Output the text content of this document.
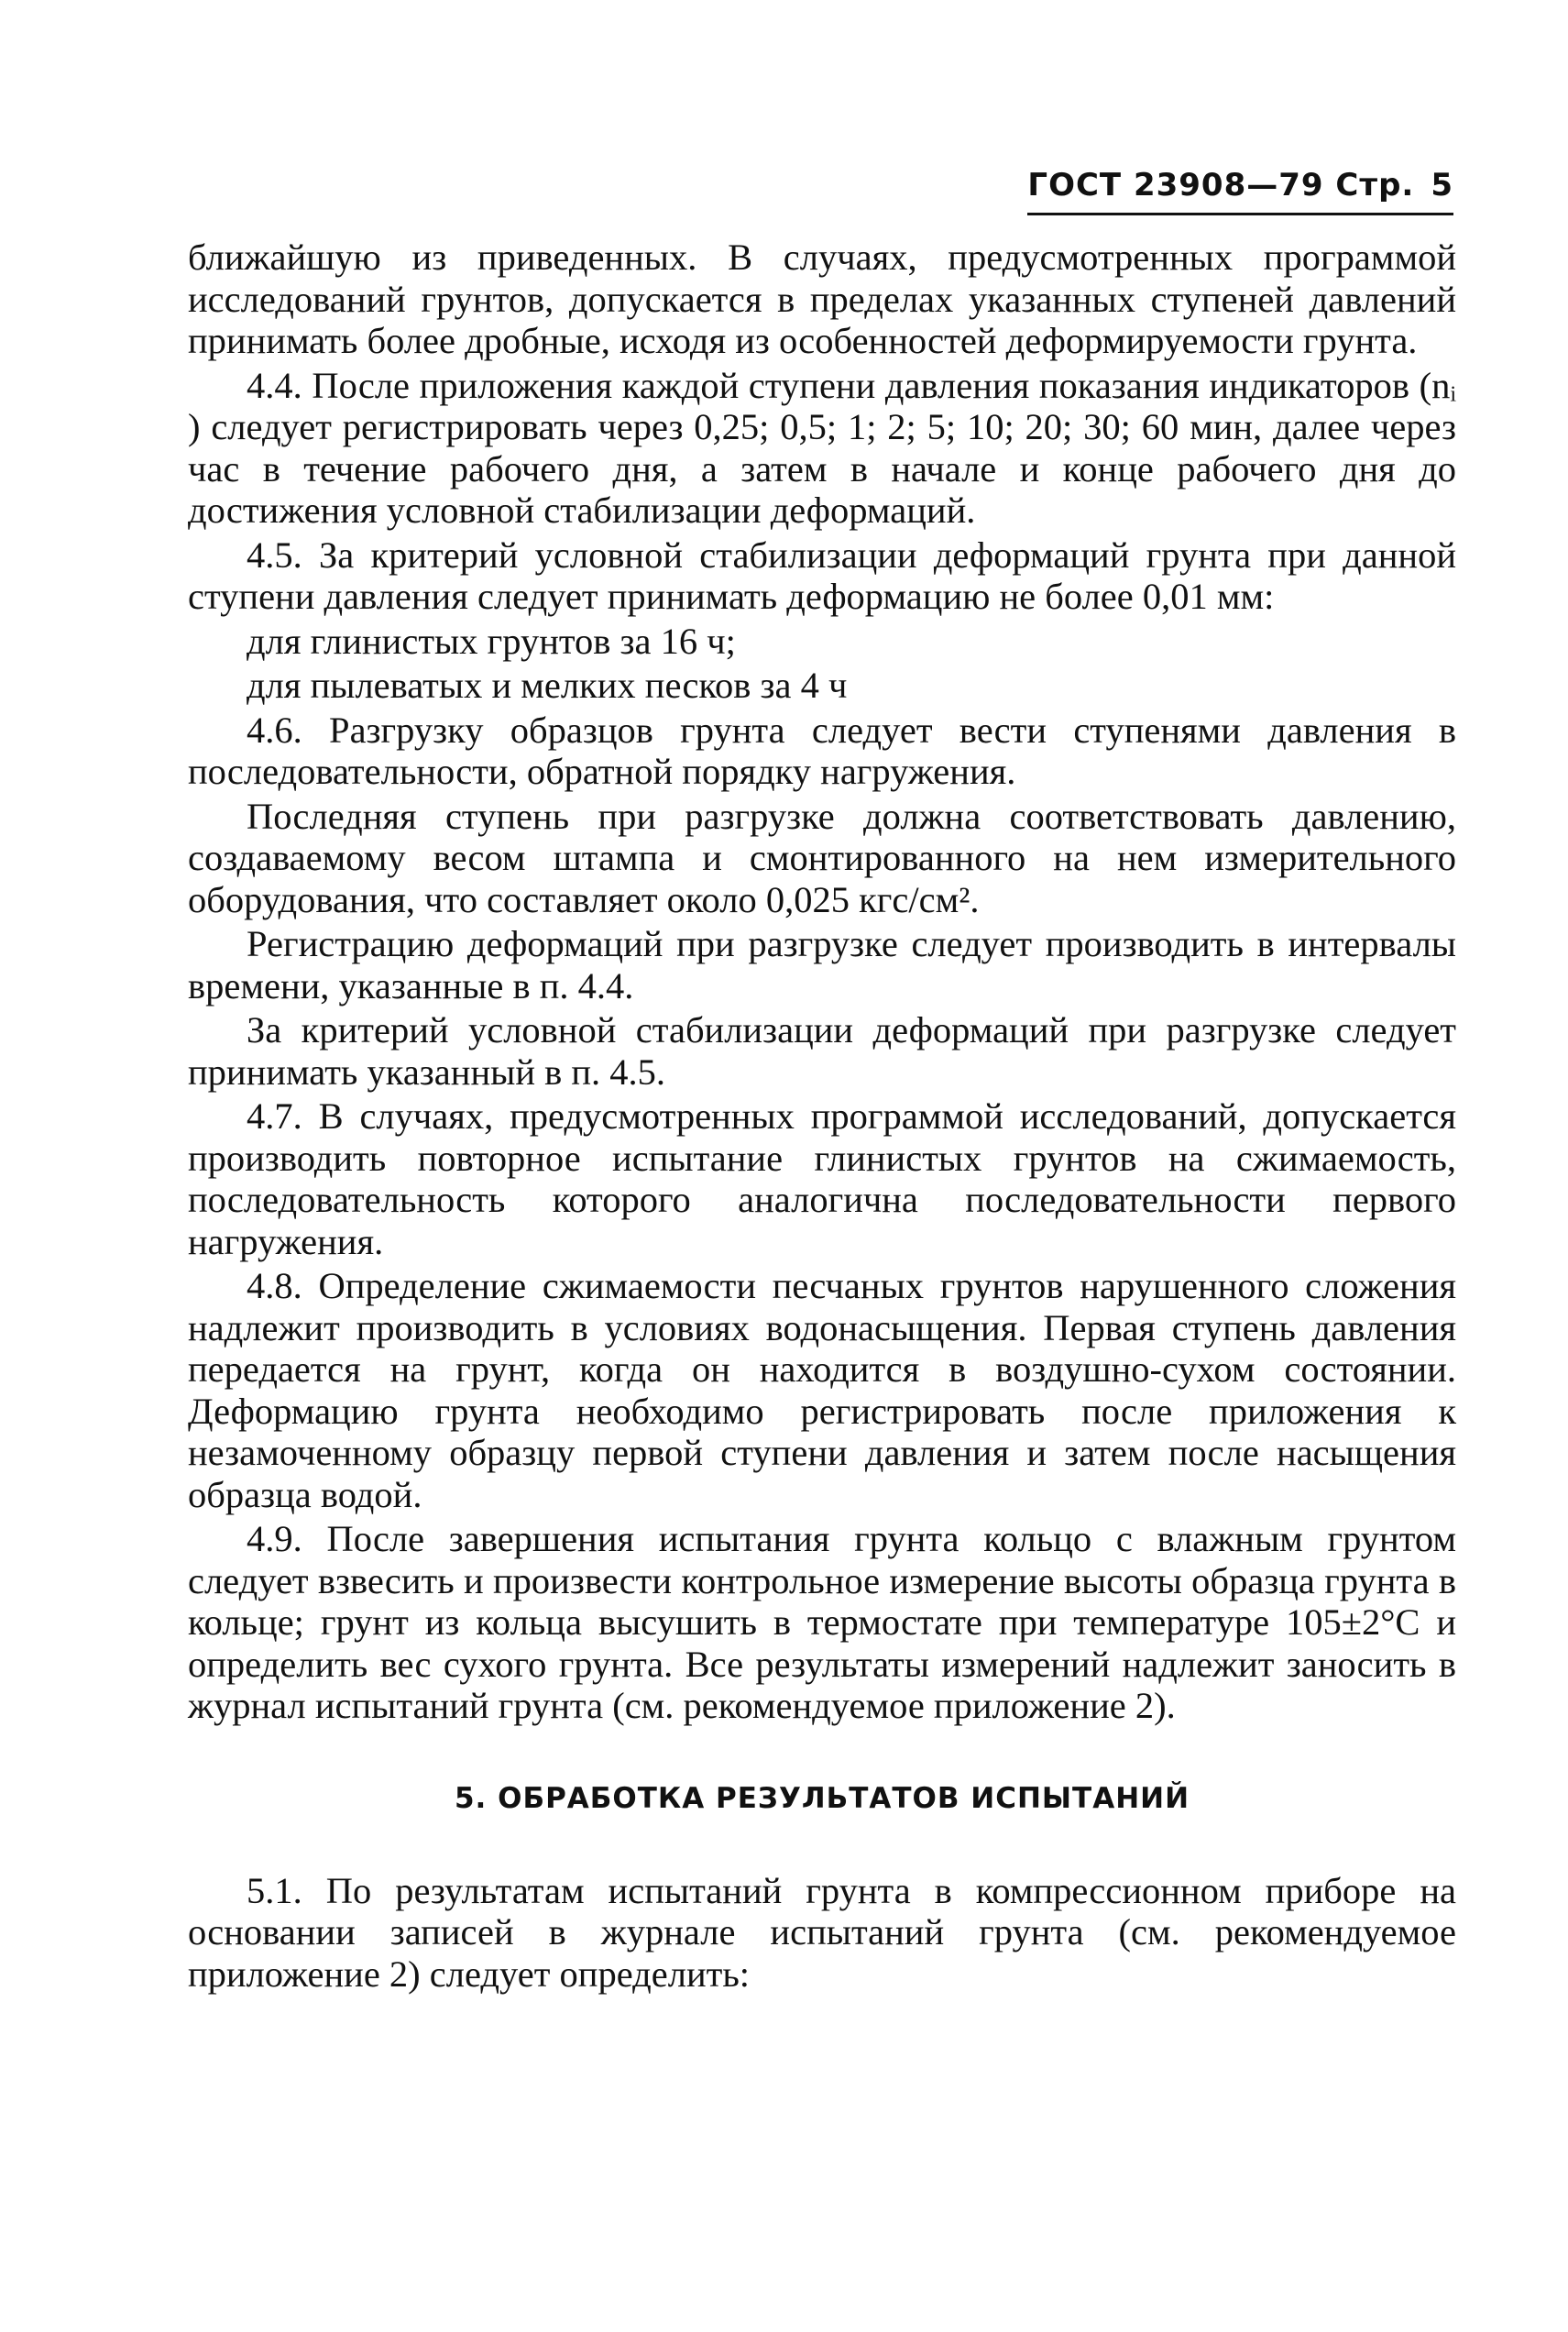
ГОСТ 23908—79 Стр. 5

ближайшую из приведенных. В случаях, предусмотренных программой исследований грунтов, допускается в пределах указанных ступеней давлений принимать более дробные, исходя из особенностей деформируемости грунта.

4.4. После приложения каждой ступени давления показания индикаторов (nᵢ ) следует регистрировать через 0,25; 0,5; 1; 2; 5; 10; 20; 30; 60 мин, далее через час в течение рабочего дня, а затем в начале и конце рабочего дня до достижения условной стабилизации деформаций.

4.5. За критерий условной стабилизации деформаций грунта при данной ступени давления следует принимать деформацию не более 0,01 мм:

для глинистых грунтов за 16 ч;

для пылеватых и мелких песков за 4 ч

4.6. Разгрузку образцов грунта следует вести ступенями давления в последовательности, обратной порядку нагружения.

Последняя ступень при разгрузке должна соответствовать давлению, создаваемому весом штампа и смонтированного на нем измерительного оборудования, что составляет около 0,025 кгс/см².

Регистрацию деформаций при разгрузке следует производить в интервалы времени, указанные в п. 4.4.

За критерий условной стабилизации деформаций при разгрузке следует принимать указанный в п. 4.5.

4.7. В случаях, предусмотренных программой исследований, допускается производить повторное испытание глинистых грунтов на сжимаемость, последовательность которого аналогична последовательности первого нагружения.

4.8. Определение сжимаемости песчаных грунтов нарушенного сложения надлежит производить в условиях водонасыщения. Первая ступень давления передается на грунт, когда он находится в воздушно-сухом состоянии. Деформацию грунта необходимо регистрировать после приложения к незамоченному образцу первой ступени давления и затем после насыщения образца водой.

4.9. После завершения испытания грунта кольцо с влажным грунтом следует взвесить и произвести контрольное измерение высоты образца грунта в кольце; грунт из кольца высушить в термостате при температуре 105±2°С и определить вес сухого грунта. Все результаты измерений надлежит заносить в журнал испытаний грунта (см. рекомендуемое приложение 2).

5. ОБРАБОТКА РЕЗУЛЬТАТОВ ИСПЫТАНИЙ

5.1. По результатам испытаний грунта в компрессионном приборе на основании записей в журнале испытаний грунта (см. рекомендуемое приложение 2) следует определить:
